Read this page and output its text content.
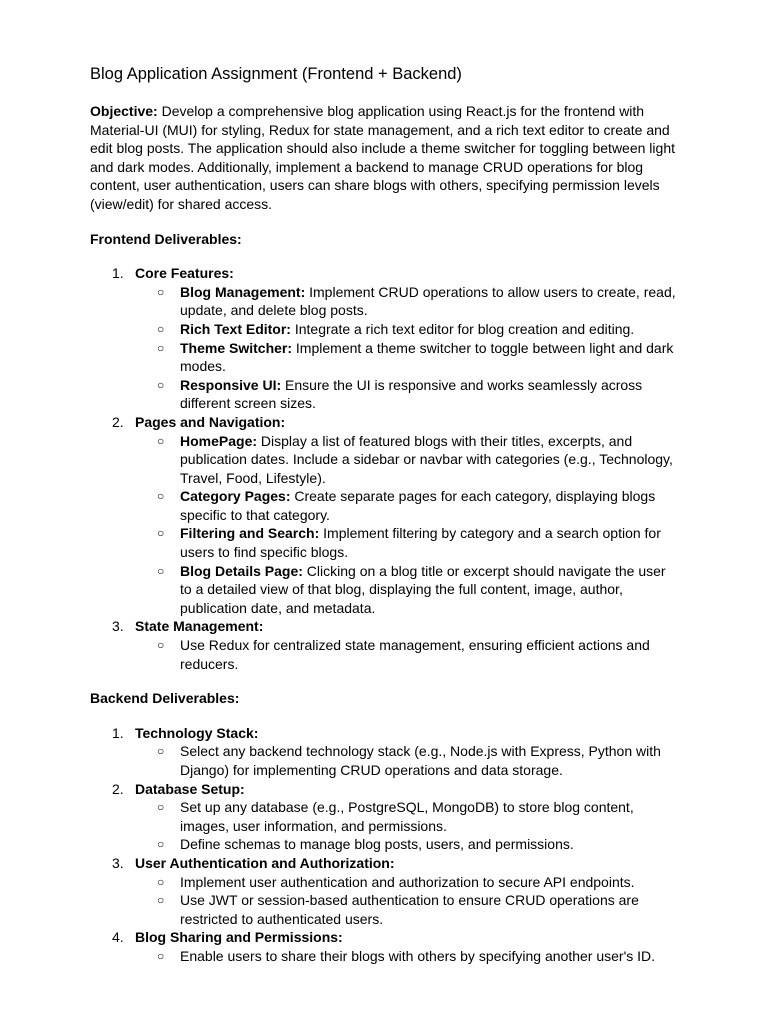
Blog Application Assignment (Frontend + Backend)

Objective: Develop a comprehensive blog application using React.js for the frontend with Material-UI (MUI) for styling, Redux for state management, and a rich text editor to create and edit blog posts. The application should also include a theme switcher for toggling between light and dark modes. Additionally, implement a backend to manage CRUD operations for blog content, user authentication, users can share blogs with others, specifying permission levels (view/edit) for shared access.

Frontend Deliverables:
1. Core Features:
○ Blog Management: Implement CRUD operations to allow users to create, read, update, and delete blog posts.
○ Rich Text Editor: Integrate a rich text editor for blog creation and editing.
○ Theme Switcher: Implement a theme switcher to toggle between light and dark modes.
○ Responsive UI: Ensure the UI is responsive and works seamlessly across different screen sizes.
2. Pages and Navigation:
○ HomePage: Display a list of featured blogs with their titles, excerpts, and publication dates. Include a sidebar or navbar with categories (e.g., Technology, Travel, Food, Lifestyle).
○ Category Pages: Create separate pages for each category, displaying blogs specific to that category.
○ Filtering and Search: Implement filtering by category and a search option for users to find specific blogs.
○ Blog Details Page: Clicking on a blog title or excerpt should navigate the user to a detailed view of that blog, displaying the full content, image, author, publication date, and metadata.
3. State Management:
○ Use Redux for centralized state management, ensuring efficient actions and reducers.
Backend Deliverables:
1. Technology Stack:
○ Select any backend technology stack (e.g., Node.js with Express, Python with Django) for implementing CRUD operations and data storage.
2. Database Setup:
○ Set up any database (e.g., PostgreSQL, MongoDB) to store blog content, images, user information, and permissions.
○ Define schemas to manage blog posts, users, and permissions.
3. User Authentication and Authorization:
○ Implement user authentication and authorization to secure API endpoints.
○ Use JWT or session-based authentication to ensure CRUD operations are restricted to authenticated users.
4. Blog Sharing and Permissions:
○ Enable users to share their blogs with others by specifying another user's ID.
